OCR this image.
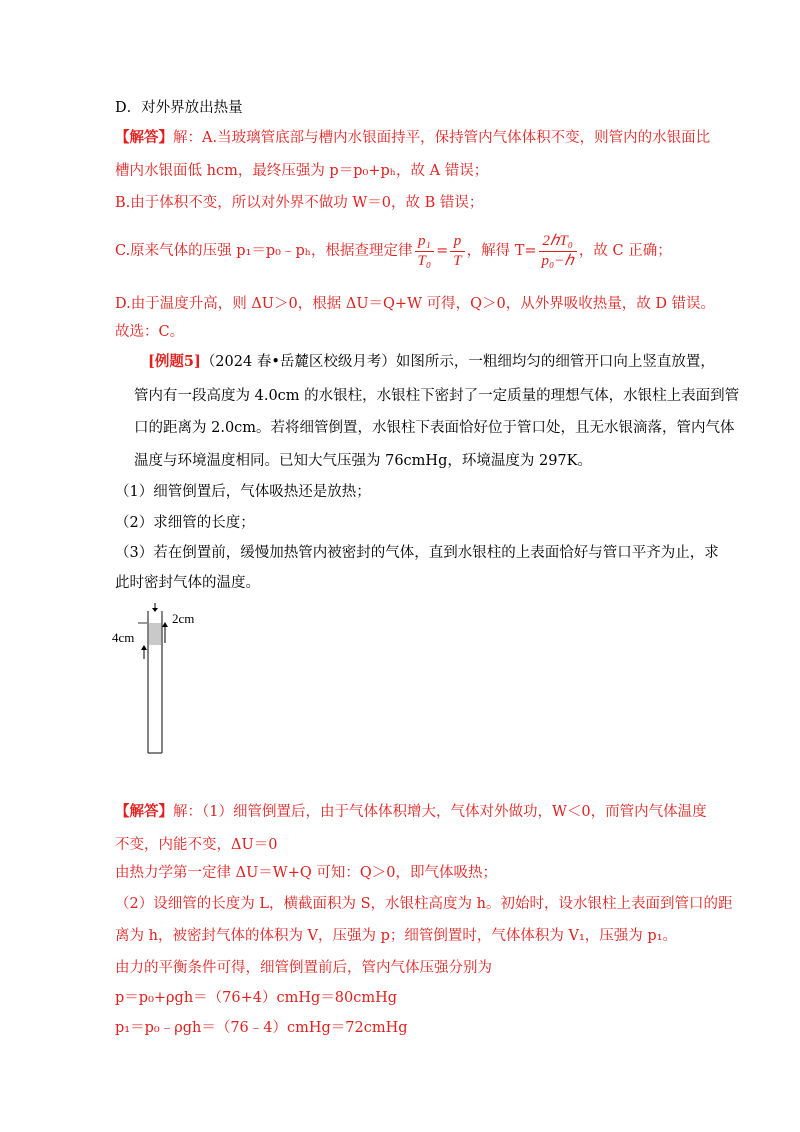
D．对外界放出热量
【解答】解：A.当玻璃管底部与槽内水银面持平，保持管内气体体积不变，则管内的水银面比
槽内水银面低 hcm，最终压强为 p＝p₀+pₕ，故 A 错误；
B.由于体积不变，所以对外界不做功 W＝0，故 B 错误；
C.原来气体的压强 p₁＝p₀﹣pₕ，根据查理定律 $\frac{\text{p₁}}{\text{T₀}} = \frac{p}{T}$ ，解得 $T= \frac{\text{2ℎT₀}}{\text{p₀−ℎ}}$ ，故 C 正确；
D.由于温度升高，则 ΔU＞0，根据 ΔU＝Q+W 可得，Q＞0，从外界吸收热量，故 D 错误。
故选：C。
[例题5]（2024 春•岳麓区校级月考）如图所示，一粗细均匀的细管开口向上竖直放置，
管内有一段高度为 4.0cm 的水银柱，水银柱下密封了一定质量的理想气体，水银柱上表面到管
口的距离为 2.0cm。若将细管倒置，水银柱下表面恰好位于管口处，且无水银滴落，管内气体
温度与环境温度相同。已知大气压强为 76cmHg，环境温度为 297K。
（1）细管倒置后，气体吸热还是放热；
（2）求细管的长度；
（3）若在倒置前，缓慢加热管内被密封的气体，直到水银柱的上表面恰好与管口平齐为止，求
此时密封气体的温度。
2cm
4cm
【解答】解：（1）细管倒置后，由于气体体积增大，气体对外做功，W＜0，而管内气体温度
不变，内能不变，ΔU＝0
由热力学第一定律 ΔU＝W+Q 可知：Q＞0，即气体吸热；
（2）设细管的长度为 L，横截面积为 S，水银柱高度为 h。初始时，设水银柱上表面到管口的距
离为 h，被密封气体的体积为 V，压强为 p；细管倒置时，气体体积为 V₁，压强为 p₁。
由力的平衡条件可得，细管倒置前后，管内气体压强分别为
p＝p₀+ρgh＝（76+4）cmHg＝80cmHg
p₁＝p₀﹣ρgh＝（76﹣4）cmHg＝72cmHg
